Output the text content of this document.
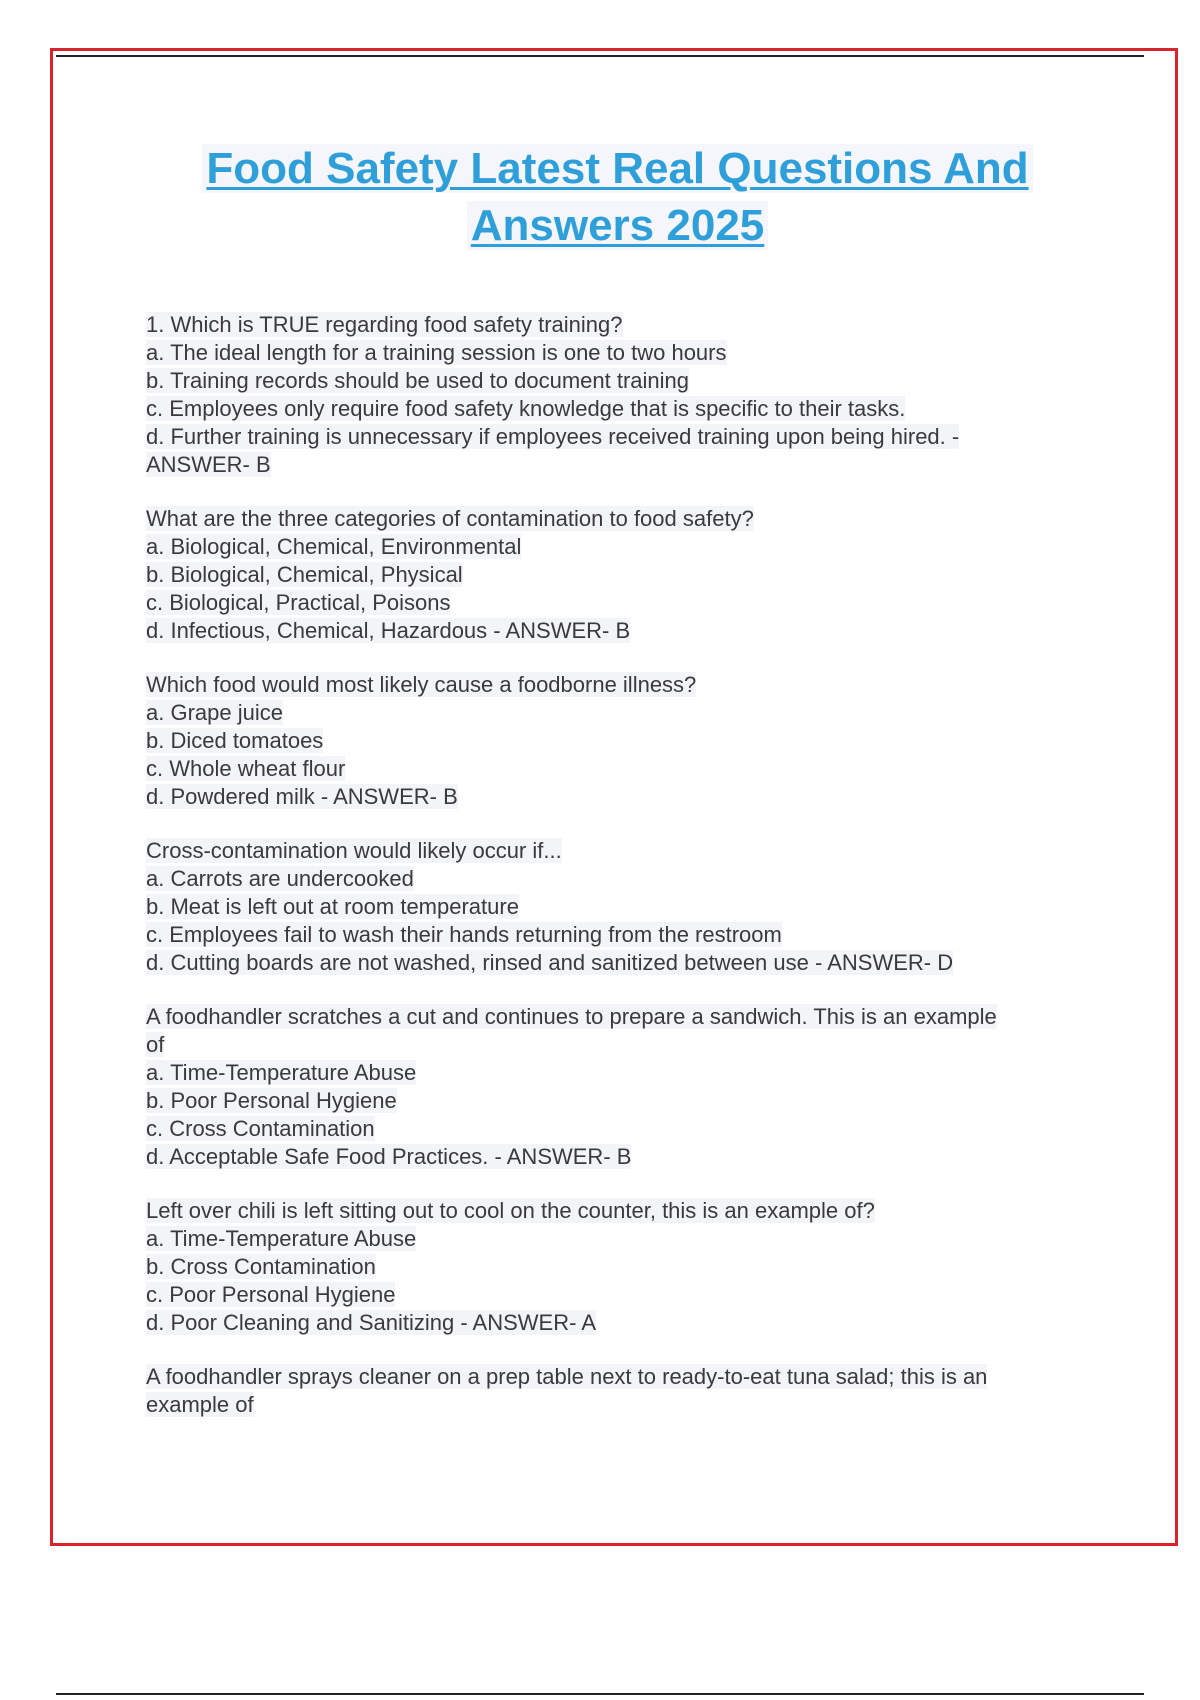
Food Safety Latest Real Questions And
Answers 2025
1. Which is TRUE regarding food safety training?
a. The ideal length for a training session is one to two hours
b. Training records should be used to document training
c. Employees only require food safety knowledge that is specific to their tasks.
d. Further training is unnecessary if employees received training upon being hired. -
ANSWER- B
What are the three categories of contamination to food safety?
a. Biological, Chemical, Environmental
b. Biological, Chemical, Physical
c. Biological, Practical, Poisons
d. Infectious, Chemical, Hazardous - ANSWER- B
Which food would most likely cause a foodborne illness?
a. Grape juice
b. Diced tomatoes
c. Whole wheat flour
d. Powdered milk - ANSWER- B
Cross-contamination would likely occur if...
a. Carrots are undercooked
b. Meat is left out at room temperature
c. Employees fail to wash their hands returning from the restroom
d. Cutting boards are not washed, rinsed and sanitized between use - ANSWER- D
A foodhandler scratches a cut and continues to prepare a sandwich. This is an example
of
a. Time-Temperature Abuse
b. Poor Personal Hygiene
c. Cross Contamination
d. Acceptable Safe Food Practices. - ANSWER- B
Left over chili is left sitting out to cool on the counter, this is an example of?
a. Time-Temperature Abuse
b. Cross Contamination
c. Poor Personal Hygiene
d. Poor Cleaning and Sanitizing - ANSWER- A
A foodhandler sprays cleaner on a prep table next to ready-to-eat tuna salad; this is an
example of
